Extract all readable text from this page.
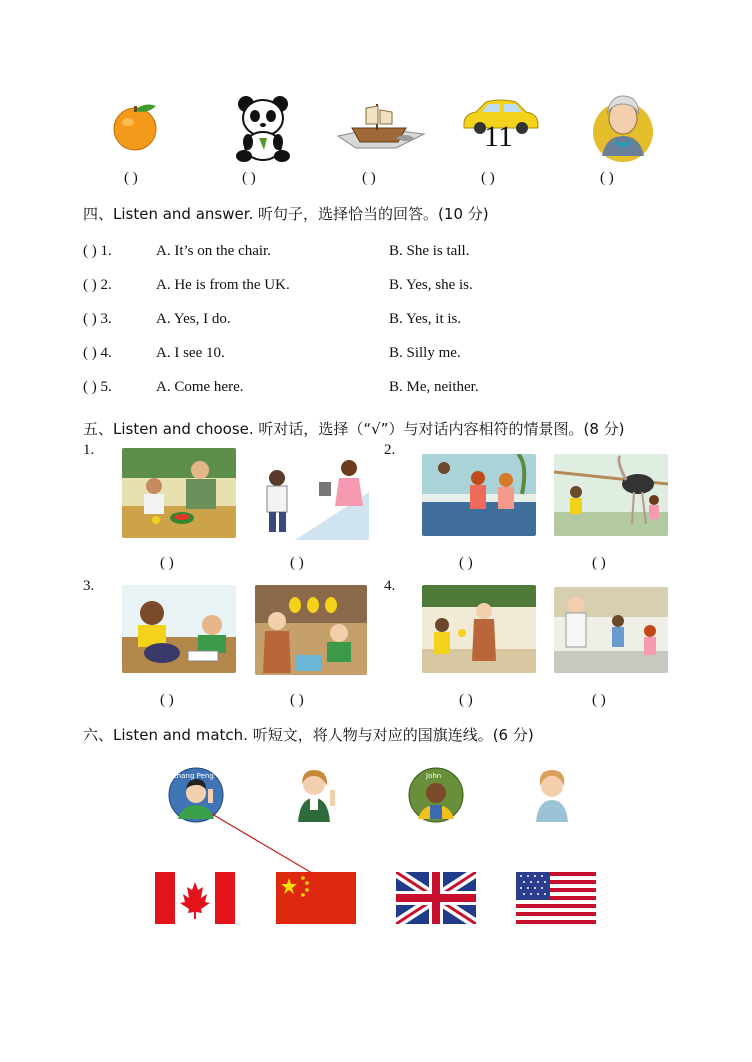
11
( )	( )	( )	( )	( )
四、Listen and answer. 听句子，选择恰当的回答。(10 分)
( ) 1.	A. It’s on the chair.	B. She is tall.
( ) 2.	A. He is from the UK.	B. Yes, she is.
( ) 3.	A. Yes, I do.	B. Yes, it is.
( ) 4.	A. I see 10.	B. Silly me.
( ) 5.	A. Come here.	B. Me, neither.
五、Listen and choose. 听对话，选择（“√”）与对话内容相符的情景图。(8 分)
1.	2.
3.	4.
( )	( )	( )	( )
( )	( )	( )	( )
六、Listen and match. 听短文，将人物与对应的国旗连线。(6 分)
Zhang Peng	John
